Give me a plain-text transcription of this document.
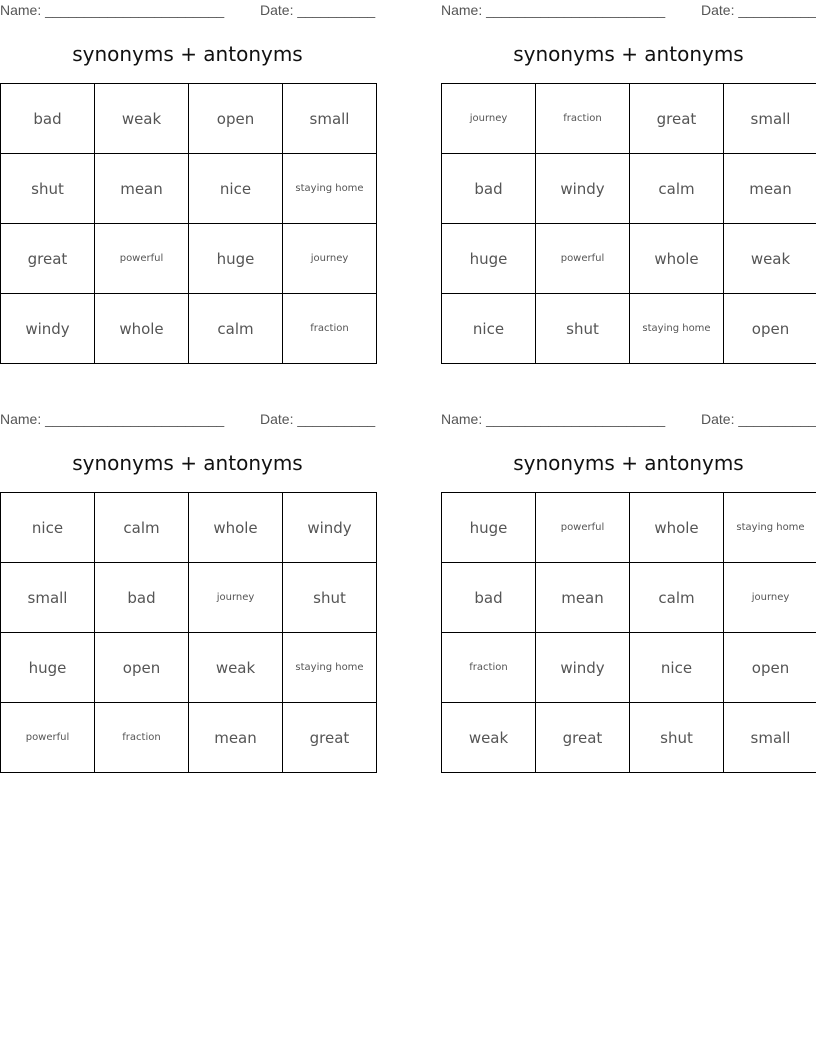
Name: _______________________	Date: __________
synonyms + antonyms
bad	weak	open	small
shut	mean	nice	staying home
great	powerful	huge	journey
windy	whole	calm	fraction
Name: _______________________	Date: __________
synonyms + antonyms
journey	fraction	great	small
bad	windy	calm	mean
huge	powerful	whole	weak
nice	shut	staying home	open
Name: _______________________	Date: __________
synonyms + antonyms
nice	calm	whole	windy
small	bad	journey	shut
huge	open	weak	staying home
powerful	fraction	mean	great
Name: _______________________	Date: __________
synonyms + antonyms
huge	powerful	whole	staying home
bad	mean	calm	journey
fraction	windy	nice	open
weak	great	shut	small
